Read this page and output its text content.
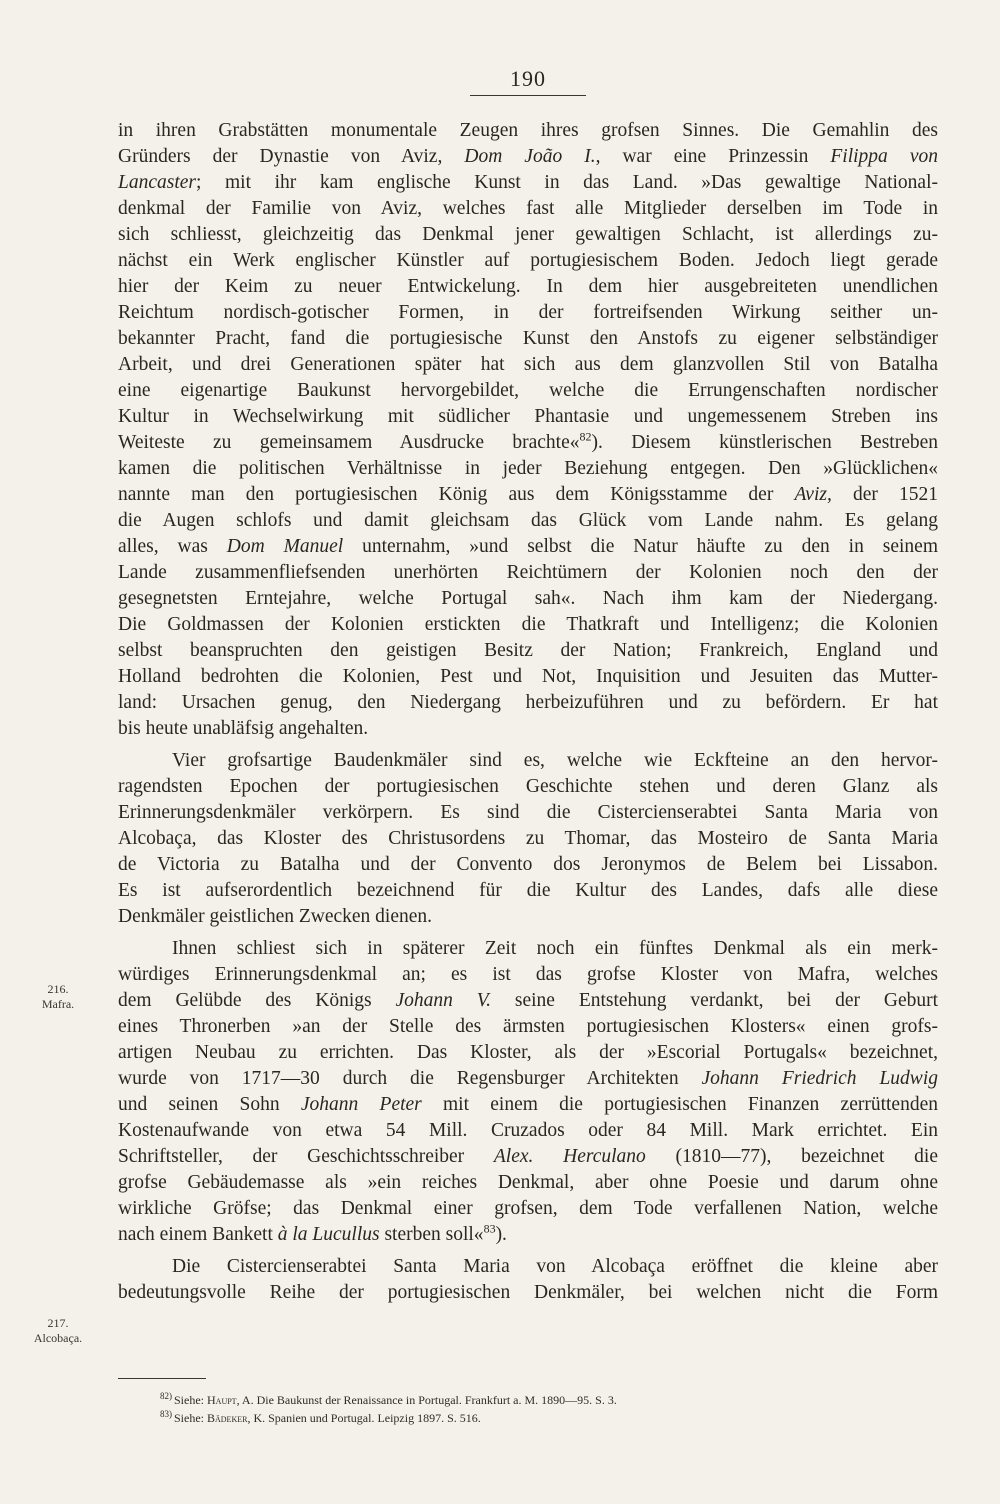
190
in ihren Grabstätten monumentale Zeugen ihres grofsen Sinnes. Die Gemahlin des
Gründers der Dynastie von Aviz, Dom João I., war eine Prinzessin Filippa von
Lancaster; mit ihr kam englische Kunst in das Land. »Das gewaltige National-
denkmal der Familie von Aviz, welches fast alle Mitglieder derselben im Tode in
sich schliesst, gleichzeitig das Denkmal jener gewaltigen Schlacht, ist allerdings zu-
nächst ein Werk englischer Künstler auf portugiesischem Boden. Jedoch liegt gerade
hier der Keim zu neuer Entwickelung. In dem hier ausgebreiteten unendlichen
Reichtum nordisch-gotischer Formen, in der fortreifsenden Wirkung seither un-
bekannter Pracht, fand die portugiesische Kunst den Anstofs zu eigener selbständiger
Arbeit, und drei Generationen später hat sich aus dem glanzvollen Stil von Batalha
eine eigenartige Baukunst hervorgebildet, welche die Errungenschaften nordischer
Kultur in Wechselwirkung mit südlicher Phantasie und ungemessenem Streben ins
Weiteste zu gemeinsamem Ausdrucke brachte«$^{82}$). Diesem künstlerischen Bestreben
kamen die politischen Verhältnisse in jeder Beziehung entgegen. Den »Glücklichen«
nannte man den portugiesischen König aus dem Königsstamme der Aviz, der 1521
die Augen schlofs und damit gleichsam das Glück vom Lande nahm. Es gelang
alles, was Dom Manuel unternahm, »und selbst die Natur häufte zu den in seinem
Lande zusammenfliefsenden unerhörten Reichtümern der Kolonien noch den der
gesegnetsten Erntejahre, welche Portugal sah«. Nach ihm kam der Niedergang.
Die Goldmassen der Kolonien erstickten die Thatkraft und Intelligenz; die Kolonien
selbst beanspruchten den geistigen Besitz der Nation; Frankreich, England und
Holland bedrohten die Kolonien, Pest und Not, Inquisition und Jesuiten das Mutter-
land: Ursachen genug, den Niedergang herbeizuführen und zu befördern. Er hat
bis heute unabläfsig angehalten.
Vier grofsartige Baudenkmäler sind es, welche wie Eckfteine an den hervor-
ragendsten Epochen der portugiesischen Geschichte stehen und deren Glanz als
Erinnerungsdenkmäler verkörpern. Es sind die Cistercienserabtei Santa Maria von
Alcobaça, das Kloster des Christusordens zu Thomar, das Mosteiro de Santa Maria
de Victoria zu Batalha und der Convento dos Jeronymos de Belem bei Lissabon.
Es ist aufserordentlich bezeichnend für die Kultur des Landes, dafs alle diese
Denkmäler geistlichen Zwecken dienen.
Ihnen schliest sich in späterer Zeit noch ein fünftes Denkmal als ein merk-
würdiges Erinnerungsdenkmal an; es ist das grofse Kloster von Mafra, welches
dem Gelübde des Königs Johann V. seine Entstehung verdankt, bei der Geburt
eines Thronerben »an der Stelle des ärmsten portugiesischen Klosters« einen grofs-
artigen Neubau zu errichten. Das Kloster, als der »Escorial Portugals« bezeichnet,
wurde von 1717—30 durch die Regensburger Architekten Johann Friedrich Ludwig
und seinen Sohn Johann Peter mit einem die portugiesischen Finanzen zerrüttenden
Kostenaufwande von etwa 54 Mill. Cruzados oder 84 Mill. Mark errichtet. Ein
Schriftsteller, der Geschichtsschreiber Alex. Herculano (1810—77), bezeichnet die
grofse Gebäudemasse als »ein reiches Denkmal, aber ohne Poesie und darum ohne
wirkliche Gröfse; das Denkmal einer grofsen, dem Tode verfallenen Nation, welche
nach einem Bankett à la Lucullus sterben soll«$^{83}$).
Die Cistercienserabtei Santa Maria von Alcobaça eröffnet die kleine aber
bedeutungsvolle Reihe der portugiesischen Denkmäler, bei welchen nicht die Form
216.
Mafra.
217.
Alcobaça.
$^{82)}$ Siehe: Haupt, A. Die Baukunst der Renaissance in Portugal. Frankfurt a. M. 1890—95. S. 3.
$^{83)}$ Siehe: Bädeker, K. Spanien und Portugal. Leipzig 1897. S. 516.
